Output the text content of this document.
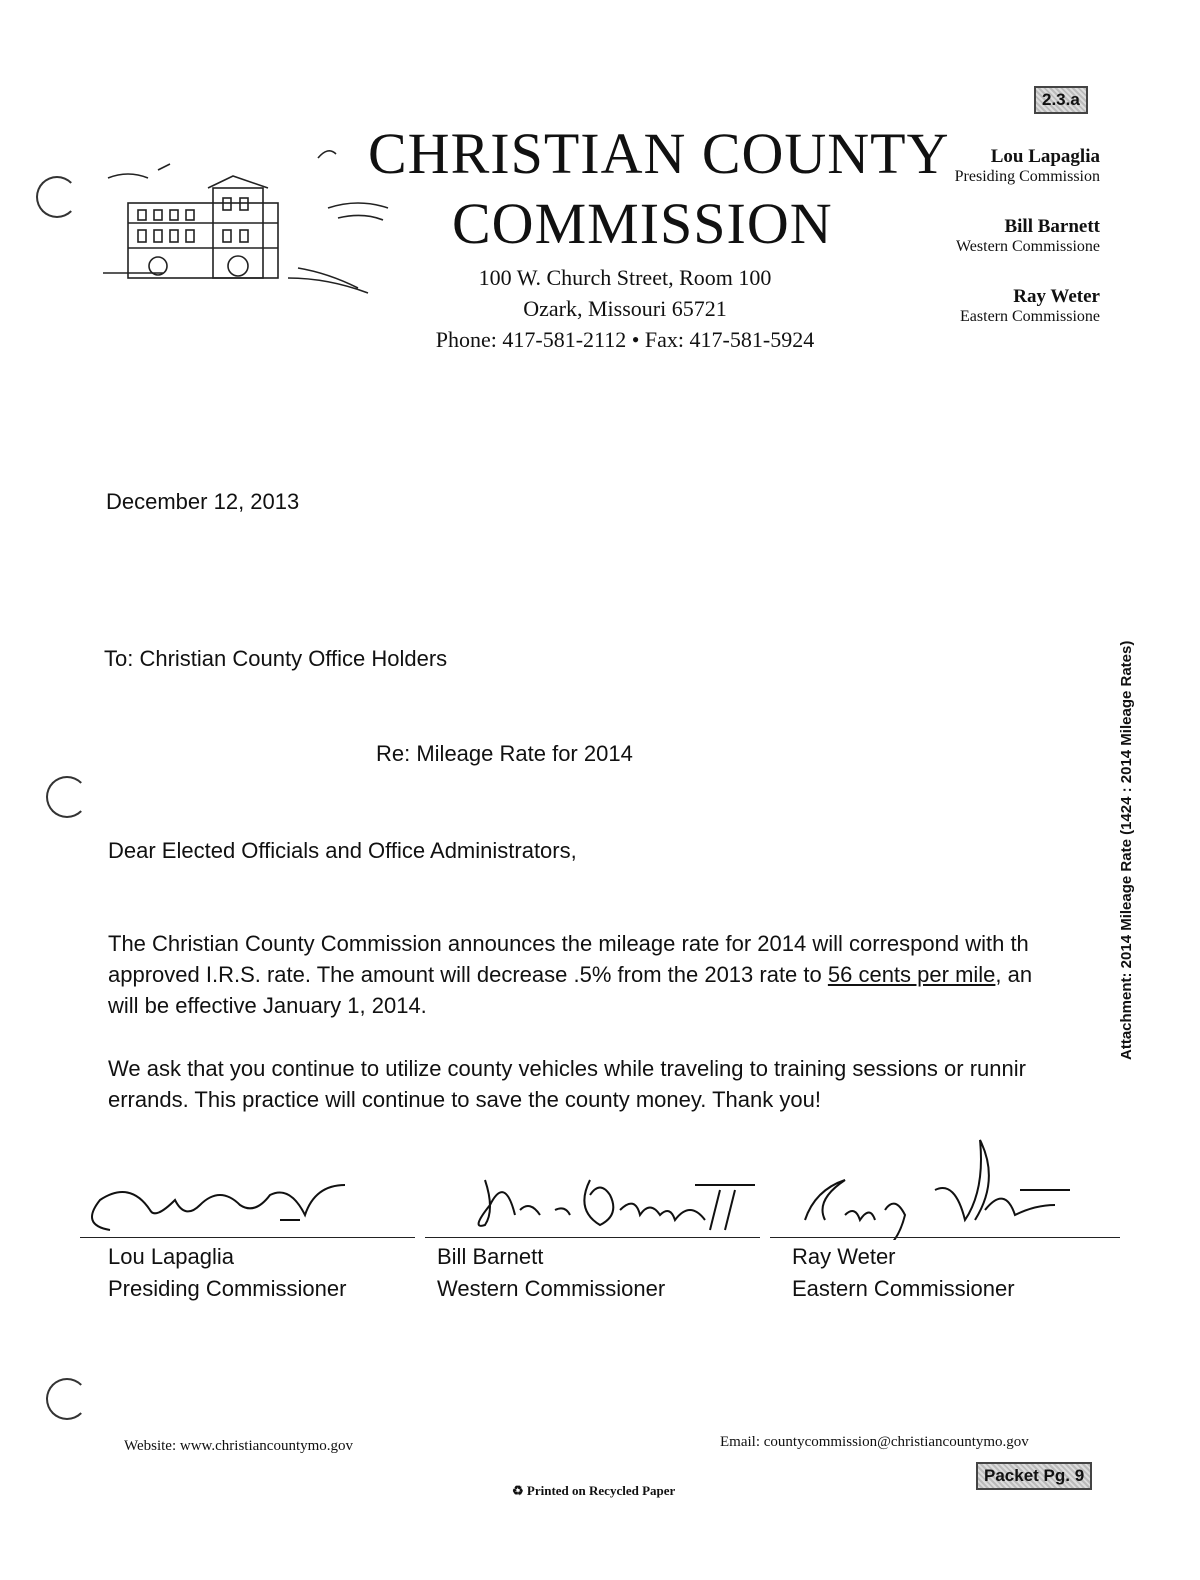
2.3.a
CHRISTIAN COUNTY
COMMISSION
100 W. Church Street, Room 100
Ozark, Missouri 65721
Phone: 417-581-2112 • Fax: 417-581-5924
Lou Lapaglia
Presiding Commission
Bill Barnett
Western Commissione
Ray Weter
Eastern Commissione
December 12, 2013
To: Christian County Office Holders
Re: Mileage Rate for 2014
Dear Elected Officials and Office Administrators,
The Christian County Commission announces the mileage rate for 2014 will correspond with th
approved I.R.S. rate. The amount will decrease .5% from the 2013 rate to 56 cents per mile, an
will be effective January 1, 2014.
We ask that you continue to utilize county vehicles while traveling to training sessions or runnir
errands. This practice will continue to save the county money. Thank you!
Lou Lapaglia
Presiding Commissioner
Bill Barnett
Western Commissioner
Ray Weter
Eastern Commissioner
Attachment: 2014 Mileage Rate (1424 : 2014 Mileage Rates)
Website: www.christiancountymo.gov	Email: countycommission@christiancountymo.gov
♻ Printed on Recycled Paper
Packet Pg. 9
